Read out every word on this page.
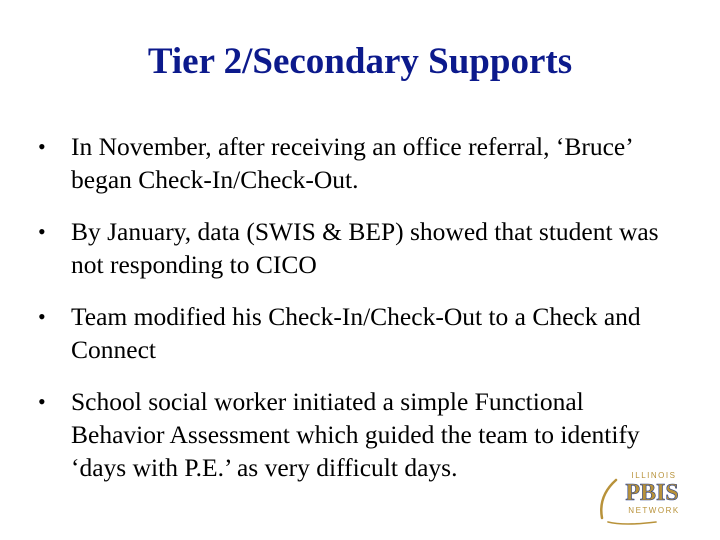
Tier 2/Secondary Supports
• In November, after receiving an office referral, ‘Bruce’ began Check-In/Check-Out.
• By January, data (SWIS & BEP) showed that student was not responding to CICO
• Team modified his Check-In/Check-Out to a Check and Connect
• School social worker initiated a simple Functional Behavior Assessment which guided the team to identify ‘days with P.E.’ as very difficult days.	ILLINOIS
PBIS
NETWORK
